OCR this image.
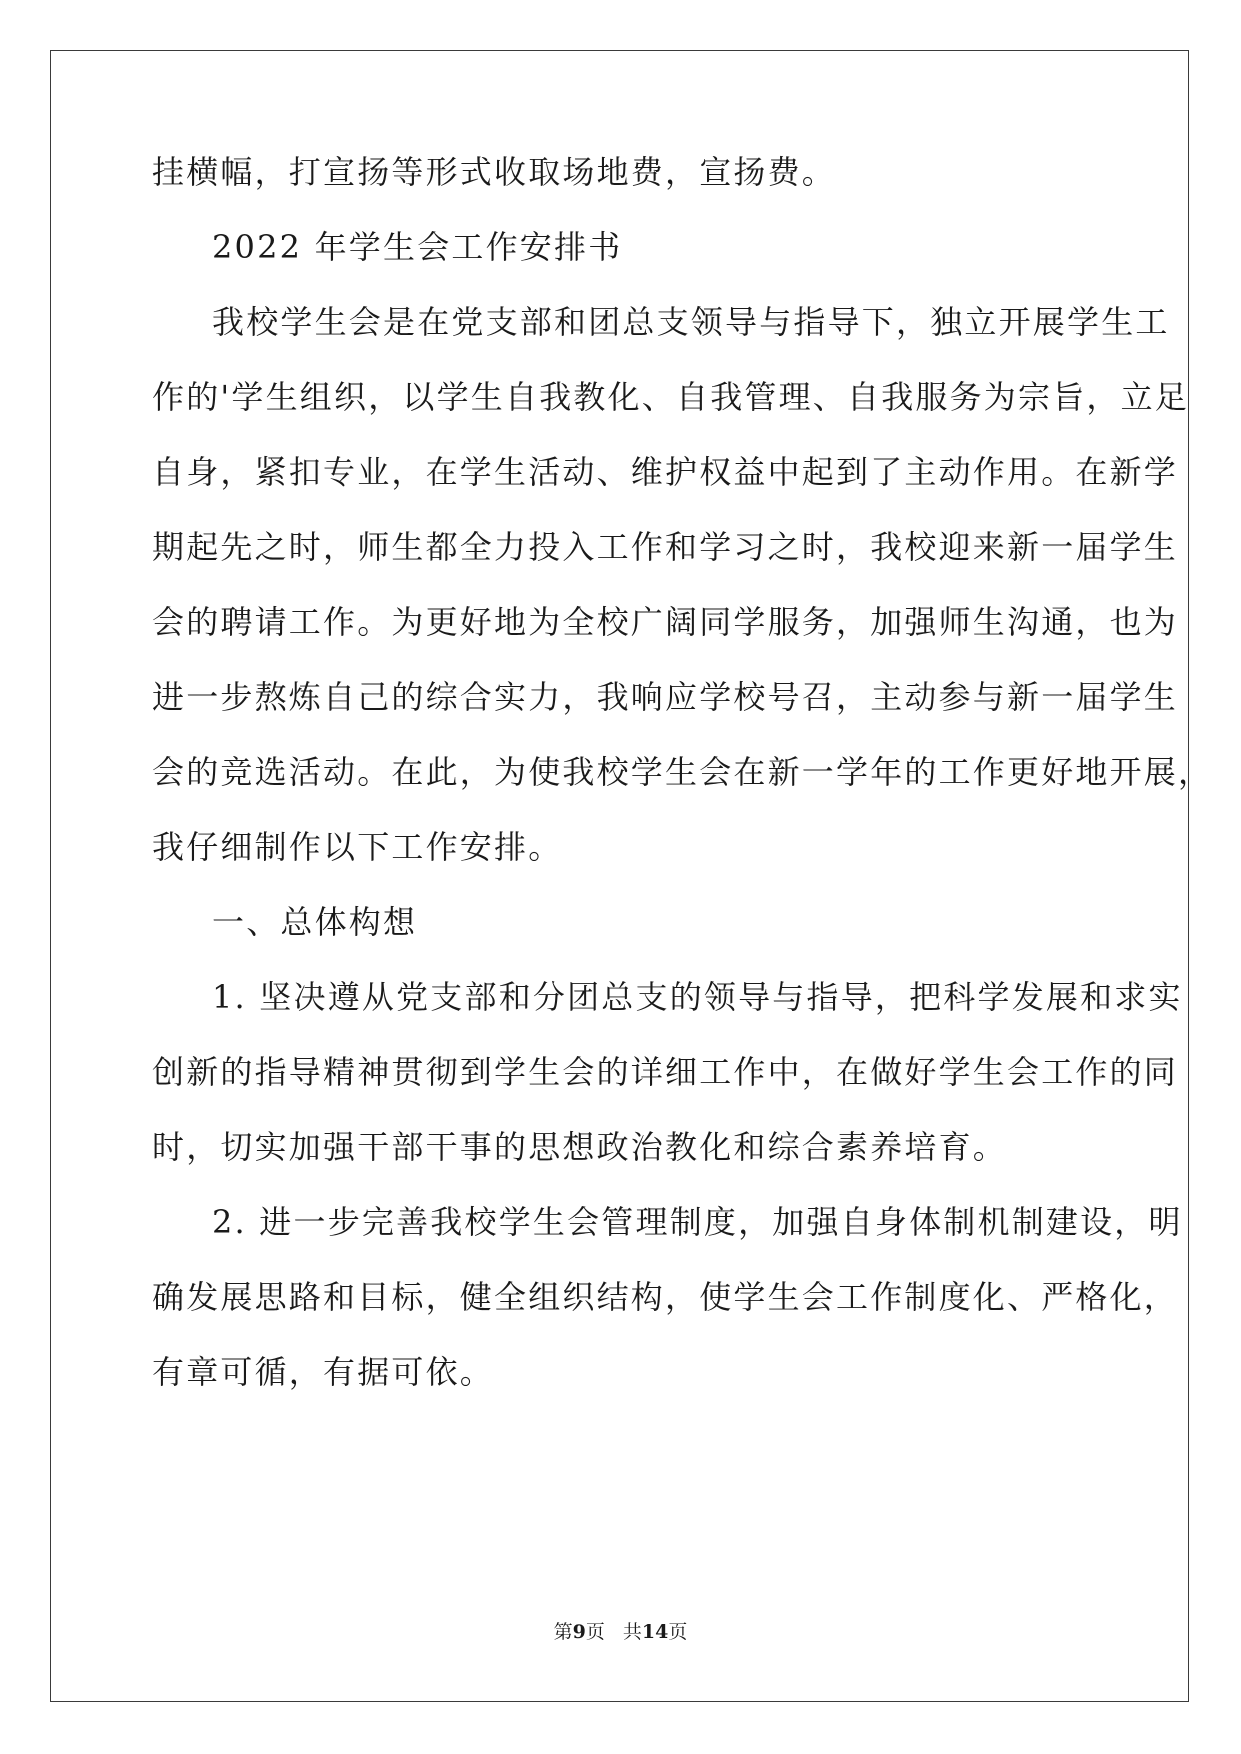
挂横幅，打宣扬等形式收取场地费，宣扬费。
2022 年学生会工作安排书
我校学生会是在党支部和团总支领导与指导下，独立开展学生工
作的'学生组织，以学生自我教化、自我管理、自我服务为宗旨，立足
自身，紧扣专业，在学生活动、维护权益中起到了主动作用。在新学
期起先之时，师生都全力投入工作和学习之时，我校迎来新一届学生
会的聘请工作。为更好地为全校广阔同学服务，加强师生沟通，也为
进一步熬炼自己的综合实力，我响应学校号召，主动参与新一届学生
会的竞选活动。在此，为使我校学生会在新一学年的工作更好地开展，
我仔细制作以下工作安排。
一、总体构想
1. 坚决遵从党支部和分团总支的领导与指导，把科学发展和求实
创新的指导精神贯彻到学生会的详细工作中，在做好学生会工作的同
时，切实加强干部干事的思想政治教化和综合素养培育。
2. 进一步完善我校学生会管理制度，加强自身体制机制建设，明
确发展思路和目标，健全组织结构，使学生会工作制度化、严格化，
有章可循，有据可依。
第9页 共14页
